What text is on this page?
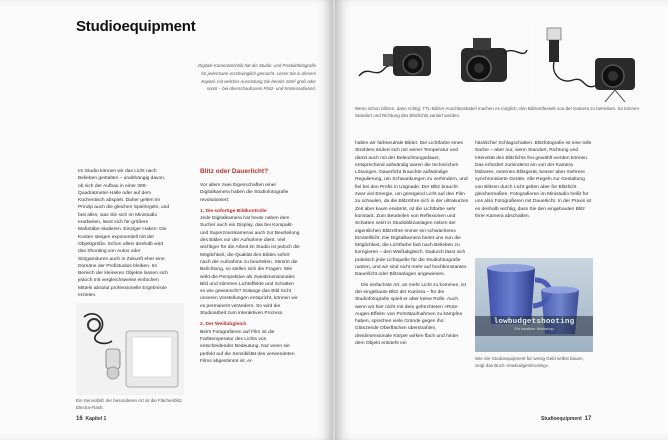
Studioequipment
Digitale Kameratechnik hat die Studio- und Produktfotografie für jedermann erschwinglich gemacht. Lesen Sie in diesem Kapitel, mit welcher Ausrüstung Sie bereits 10m² groß oder sonst – bei überschaubarem Platz- und Kostenaufwand.

Im Studio können wir das Licht nach Belieben gestalten – unabhängig davon, ob sich der Aufbau in einer 300-Quadratmeter-Halle oder auf dem Küchentisch abspielt. Daher gelten im Prinzip auch die gleichen Spielregeln, und fast alles, was Sie sich im Ministudio erarbeiten, lässt sich für größere Maßstäbe skalieren. Einziger Haken: Die Kosten steigen exponentiell mit der Objektgröße. Schon allein deshalb wird das Shooting von Autos oder Sitzgarnituren auch in Zukunft eher eine Domäne der Profistudios bleiben. Im Bereich der kleineren Objekte lassen sich jedoch mit vergleichsweise einfachen Mitteln absolut professionelle Ergebnisse erzielen.

Blitz oder Dauerlicht?

Vor allem zwei Eigenschaften einer Digitalkamera haben die Studiofotografie revolutioniert:

1. Die sofortige Bildkontrolle

Jede Digitalkamera hat heute neben dem Sucher auch ein Display, das bei Kompakt- und Superzoomkameras auch zur Beurteilung des Bildes vor der Aufnahme dient. Viel wichtiger für die Arbeit im Studio ist jedoch die Möglichkeit, die Qualität des Bildes sofort nach der Aufnahme zu beurteilen. Stimmt die Belichtung, so stellen sich die Fragen: Wie wirkt die Perspektive als zweidimensionales Bild und stimmen Lichteffekte und Schatten so wie gewünscht? Solange das Bild nicht unseren Vorstellungen entspricht, können wir es permanent verändern. So wird die Studioarbeit zum interaktiven Prozess.

2. Der Weißabgleich

Beim Fotografieren auf Film ist die Farbtemperatur des Lichts von entscheidender Bedeutung. Nur wenn sie perfekt auf die Sensibilität des verwendeten Films abgestimmt ist, er-

Ein Senvolbilz der besonderen Art ist die Flächenblitz Electra-Flash.
16 Kapitel 1
Wenn schon blitzen, dann richtig: TTL-Blitzer Anschlusskabel machen es möglich, den Blitzentfesselt von der Kamera zu betreiben. So können Standort und Richtung des Blitzlichts variiert werden.

halten wir farbneutrale Bilder. Die Lichtfarbe eines Strahlers ändert sich mit seiner Temperatur und damit auch mit der Beleuchtungsdauer, entsprechend aufwändig waren die technischen Lösungen. Dauerlicht brauchte aufwändige Regulierung, um Schwankungen zu verhindern, und fiel bei den Profis in Ungnade. Der Blitz braucht zwar viel Energie, um genügend Licht auf den Film zu schaulen, da die Blitzröhre sich in der ultrakurzen Zeit aber kaum erwärmt, ist die Lichtfarbe sehr konstant. Zum Beurteilen von Reflexionen und Schatten setzt in Studioblitzanlagen neben der eigentlichen Blitzröhre immer ein schwächeres Einstelllicht. Die Digitalkamera bietet uns nun die Möglichkeit, die Lichtfarbe fast nach Belieben zu korrigieren – den Weißabgleich. Dadurch lässt sich praktisch jede Lichtquelle für die Studiofotografie nutzen, und wir sind nicht mehr auf hochkonstantes Dauerlicht oder Blitzanlagen angewiesen.

Die einfachste Art, an mehr Licht zu kommen, ist der eingebaute Blitz der Kamera – für die Studiofotografie spielt er aber keine Rolle. Auch wenn wir hier nicht mit dem gefürchteten »Rote-Augen-Effekt« von Porträtaufnahmen zu kämpfen haben, sprechen viele Gründe gegen ihn: Glänzende Oberflächen überstrahlen, dreidimensionale Körper wirken flach und hinter dem Objekt entsteht ein

hässlicher Schlagschatten. Blitzfotografie ist eine tolle Sache – aber nur, wenn Standort, Richtung und Intensität des Blitzlichts frei gewählt werden können. Das erfordert zuminderst ein von der Kamera lösbares, externes Blitzgerät, besser aber mehrere synchronisierte Geräte. Alle Regeln zur Gestaltung von Blitzen durch Licht gelten aber für Blitzlicht gleichermaßen. Fotografieren im Ministudio heißt für uns also Fotografieren mit Dauerlicht. In der Praxis ist es deshalb wichtig, dass Sie den eingebauten Blitz Ihrer Kamera abschalten.

lowbudgetshooting
Ein kreativer Workshop
Wie Sie Studioequipment für wenig Geld selbst bauen, zeigt das Buch »lowbudgetshooting«.
Studioequipment 17
